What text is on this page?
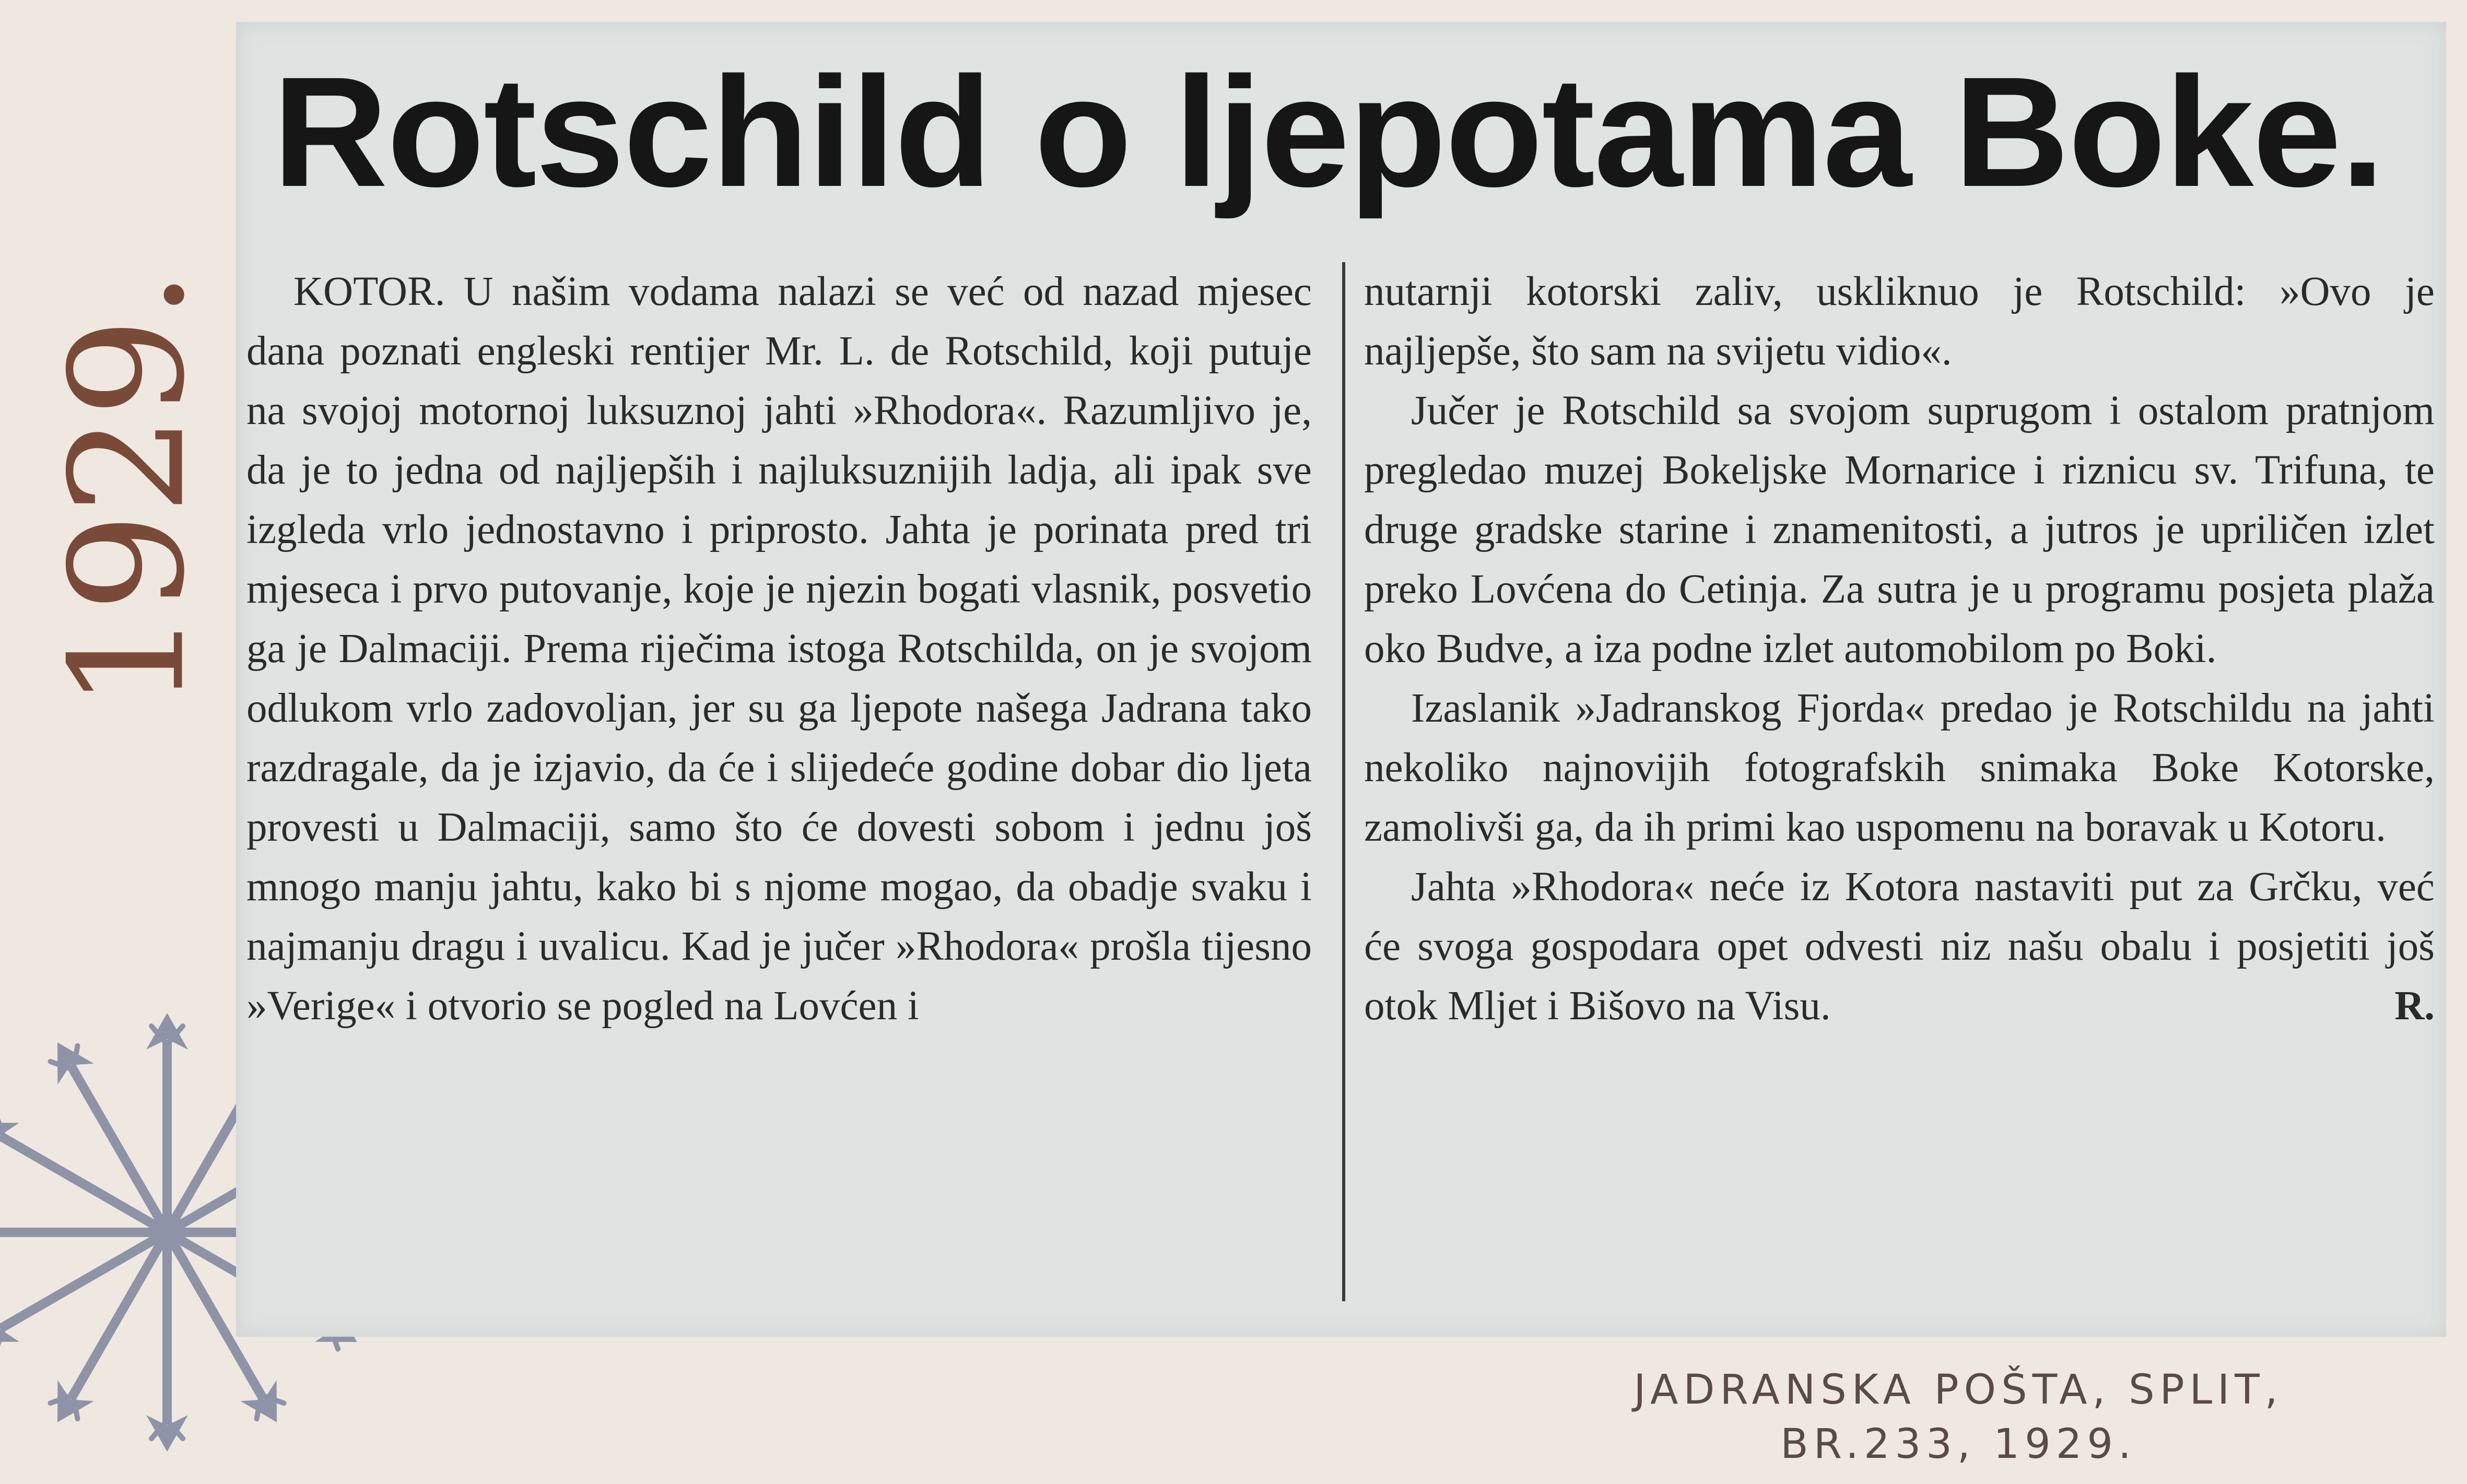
1929.
Rotschild o ljepotama Boke.

KOTOR. U našim vodama nalazi se već od nazad mjesec dana poznati engleski rentijer Mr. L. de Rotschild, koji putuje na svojoj motornoj luksuznoj jahti »Rhodora«. Razumljivo je, da je to jedna od najljepših i najluksuznijih ladja, ali ipak sve izgleda vrlo jednostavno i priprosto. Jahta je porinata pred tri mjeseca i prvo putovanje, koje je njezin bogati vlasnik, posvetio ga je Dalmaciji. Prema riječima istoga Rotschilda, on je svojom odlukom vrlo zadovoljan, jer su ga ljepote našega Jadrana tako razdragale, da je izjavio, da će i slijedeće godine dobar dio ljeta provesti u Dalmaciji, samo što će dovesti sobom i jednu još mnogo manju jahtu, kako bi s njome mogao, da obadje svaku i najmanju dragu i uvalicu. Kad je jučer »Rhodora« prošla tijesno »Verige« i otvorio se pogled na Lovćen i

nutarnji kotorski zaliv, uskliknuo je Rotschild: »Ovo je najljepše, što sam na svijetu vidio«.

Jučer je Rotschild sa svojom suprugom i ostalom pratnjom pregledao muzej Bokeljske Mornarice i riznicu sv. Trifuna, te druge gradske starine i znamenitosti, a jutros je upriličen izlet preko Lovćena do Cetinja. Za sutra je u programu posjeta plaža oko Budve, a iza podne izlet automobilom po Boki.

Izaslanik »Jadranskog Fjorda« predao je Rotschildu na jahti nekoliko najnovijih fotografskih snimaka Boke Kotorske, zamolivši ga, da ih primi kao uspomenu na boravak u Kotoru.

Jahta »Rhodora« neće iz Kotora nastaviti put za Grčku, već će svoga gospodara opet odvesti niz našu obalu i posjetiti još otok Mljet i Bišovo na Visu.	R.

JADRANSKA POŠTA, SPLIT,
BR.233, 1929.
